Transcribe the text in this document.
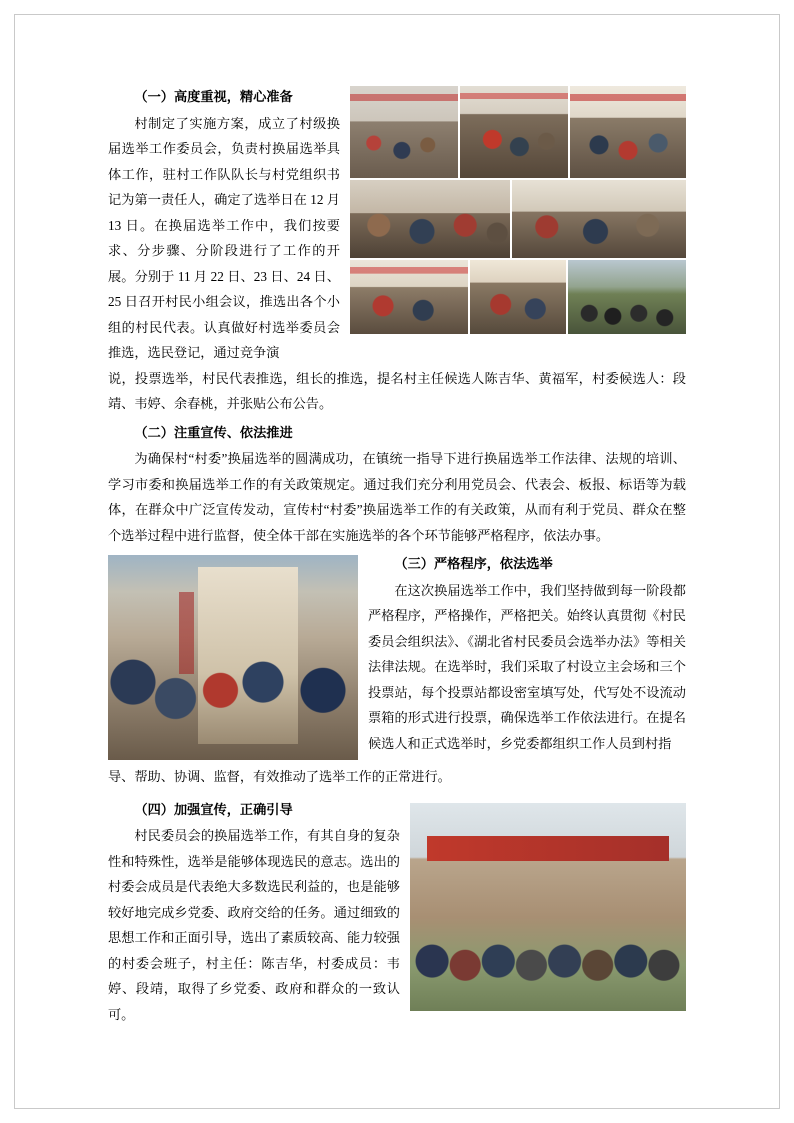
（一）高度重视，精心准备

村制定了实施方案，成立了村级换届选举工作委员会，负责村换届选举具体工作，驻村工作队队长与村党组织书记为第一责任人，确定了选举日在 12 月 13 日。在换届选举工作中，我们按要求、分步骤、分阶段进行了工作的开展。分别于 11 月 22 日、23 日、24 日、25 日召开村民小组会议，推选出各个小组的村民代表。认真做好村选举委员会推选，选民登记，通过竞争演

说，投票选举，村民代表推选，组长的推选，提名村主任候选人陈吉华、黄福军，村委候选人：段靖、韦婷、余春桃，并张贴公布公告。

（二）注重宣传、依法推进

为确保村“村委”换届选举的圆满成功，在镇统一指导下进行换届选举工作法律、法规的培训、学习市委和换届选举工作的有关政策规定。通过我们充分利用党员会、代表会、板报、标语等为载体，在群众中广泛宣传发动，宣传村“村委”换届选举工作的有关政策，从而有利于党员、群众在整个选举过程中进行监督，使全体干部在实施选举的各个环节能够严格程序，依法办事。

（三）严格程序，依法选举

在这次换届选举工作中，我们坚持做到每一阶段都严格程序，严格操作，严格把关。始终认真贯彻《村民委员会组织法》、《湖北省村民委员会选举办法》等相关法律法规。在选举时，我们采取了村设立主会场和三个投票站，每个投票站都设密室填写处，代写处不设流动票箱的形式进行投票，确保选举工作依法进行。在提名候选人和正式选举时，乡党委都组织工作人员到村指

导、帮助、协调、监督，有效推动了选举工作的正常进行。

（四）加强宣传，正确引导

村民委员会的换届选举工作，有其自身的复杂性和特殊性，选举是能够体现选民的意志。选出的村委会成员是代表绝大多数选民利益的，也是能够较好地完成乡党委、政府交给的任务。通过细致的思想工作和正面引导，选出了素质较高、能力较强的村委会班子，村主任：陈吉华，村委成员：韦婷、段靖，取得了乡党委、政府和群众的一致认可。
